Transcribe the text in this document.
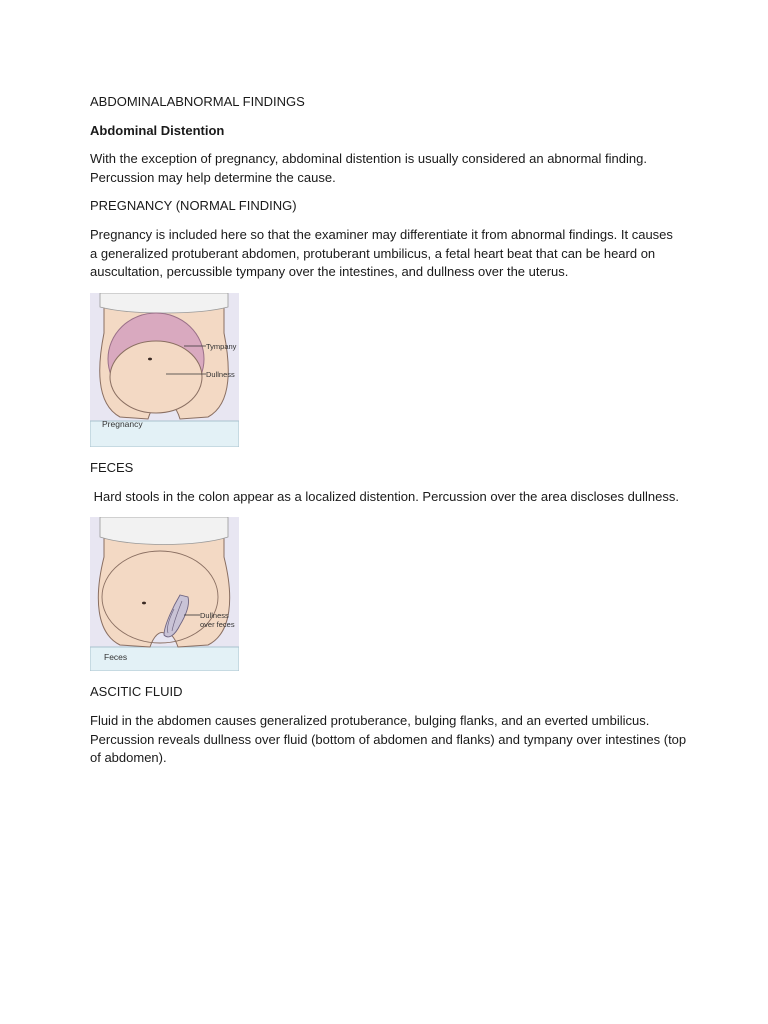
ABDOMINALABNORMAL FINDINGS

Abdominal Distention

With the exception of pregnancy, abdominal distention is usually considered an abnormal finding. Percussion may help determine the cause.

PREGNANCY (NORMAL FINDING)

Pregnancy is included here so that the examiner may differentiate it from abnormal findings. It causes a generalized protuberant abdomen, protuberant umbilicus, a fetal heart beat that can be heard on auscultation, percussible tympany over the intestines, and dullness over the uterus.

Tympany
Dullness
Pregnancy

FECES

Hard stools in the colon appear as a localized distention. Percussion over the area discloses dullness.

Dullness
over feces
Feces

ASCITIC FLUID

Fluid in the abdomen causes generalized protuberance, bulging flanks, and an everted umbilicus. Percussion reveals dullness over fluid (bottom of abdomen and flanks) and tympany over intestines (top of abdomen).
